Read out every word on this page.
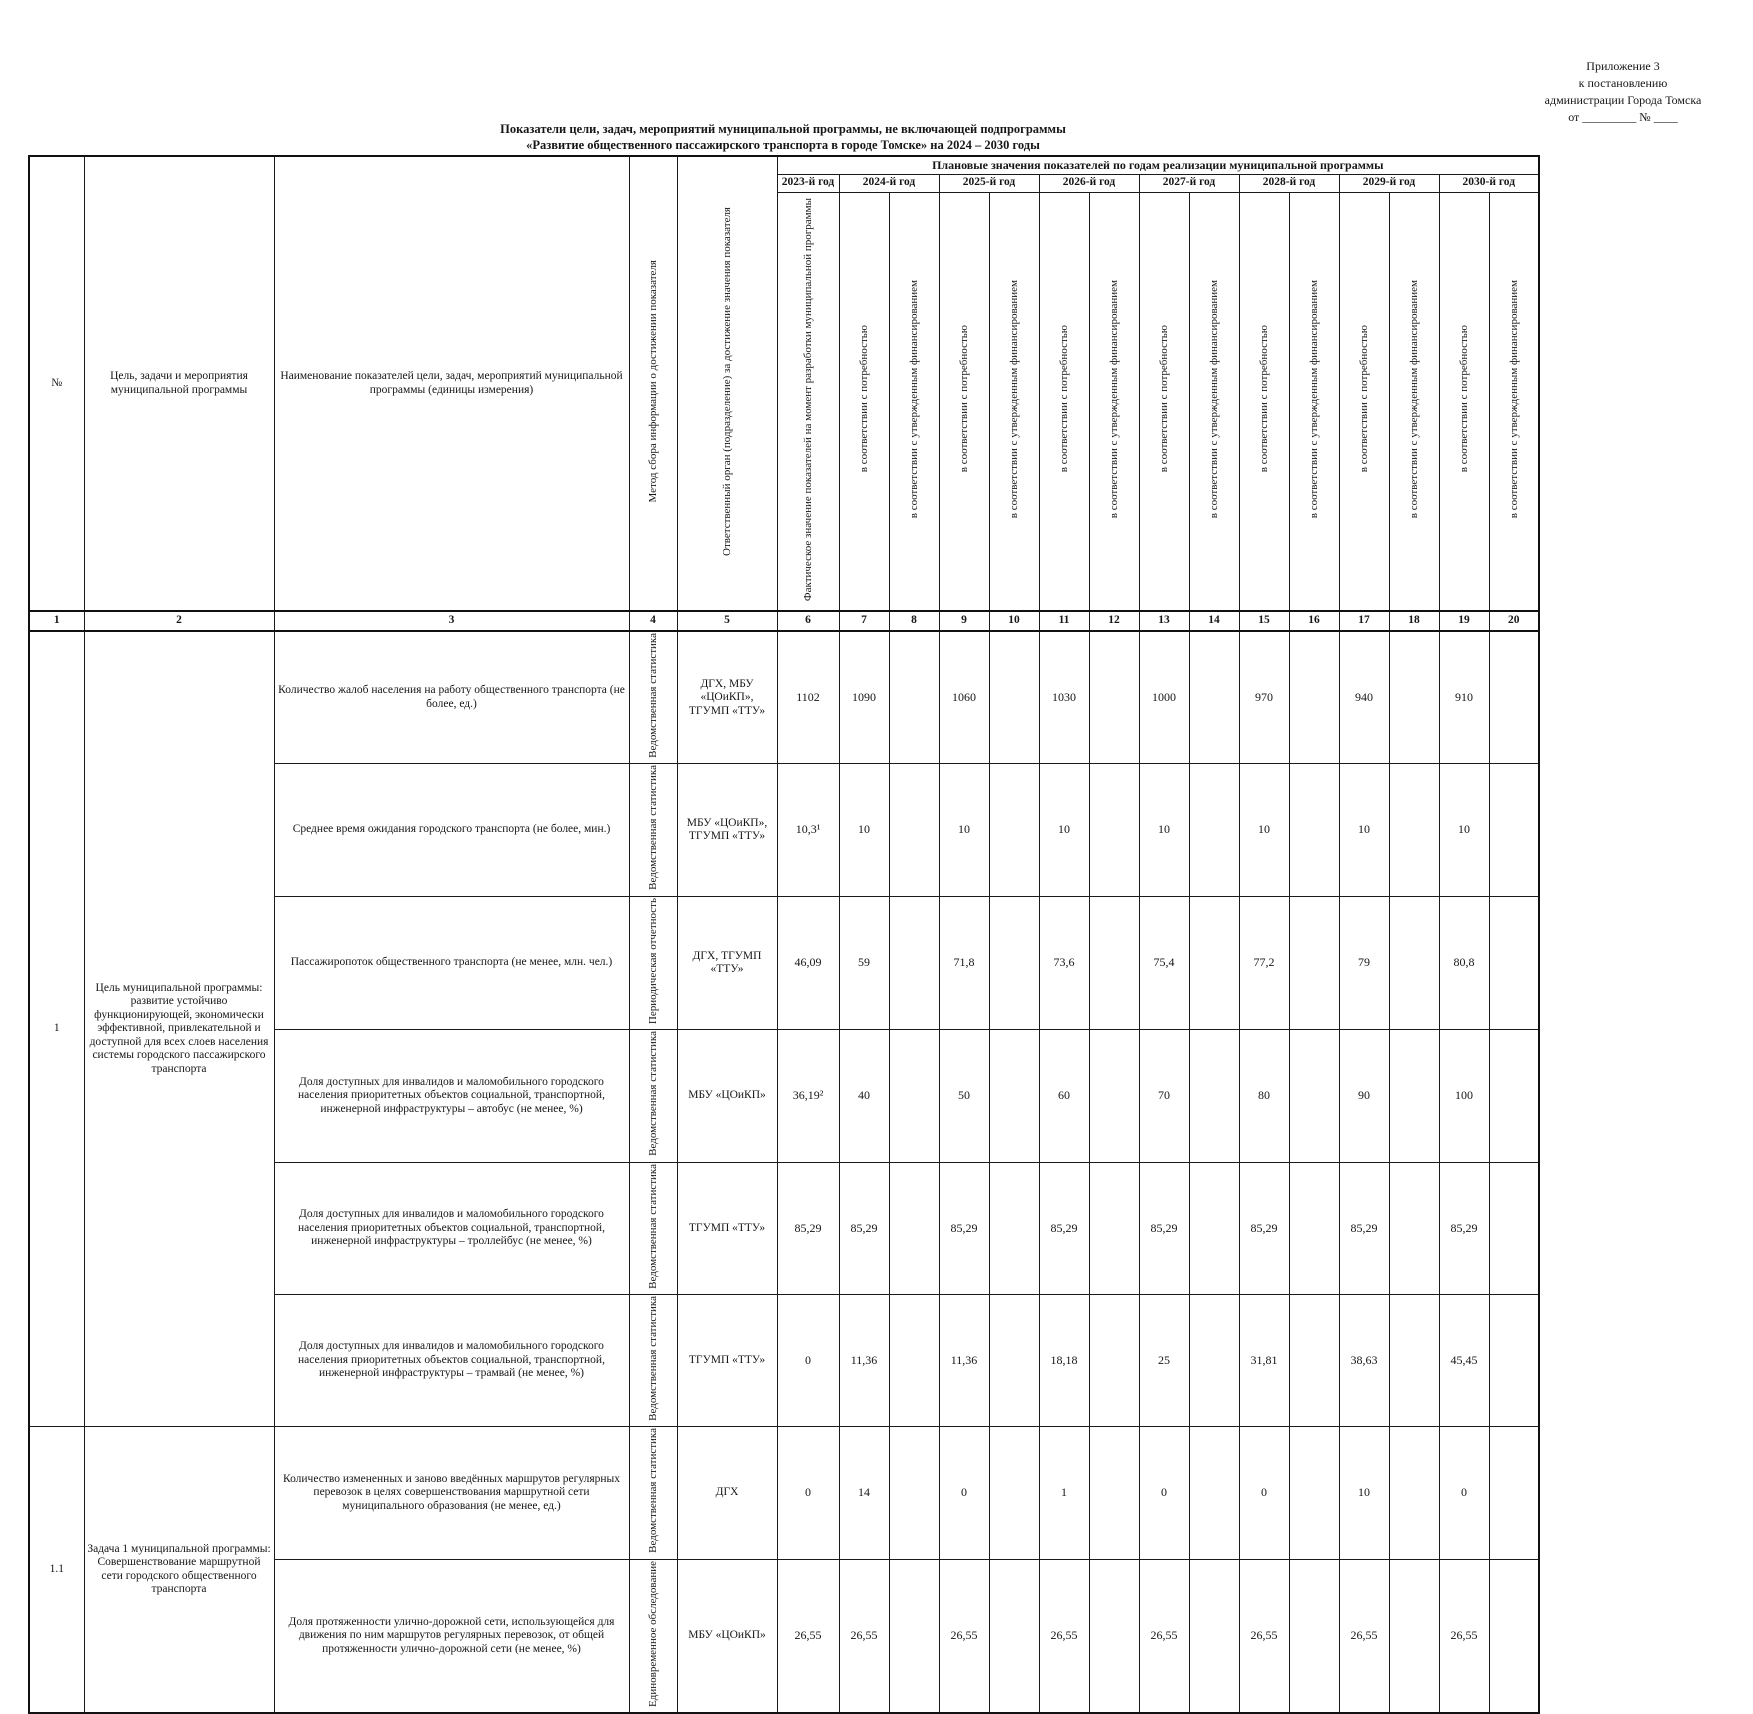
Приложение 3
к постановлению
администрации Города Томска
от _________ № ____
Показатели цели, задач, мероприятий муниципальной программы, не включающей подпрограммы
«Развитие общественного пассажирского транспорта в городе Томске» на 2024 – 2030 годы
№	Цель, задачи и мероприятия муниципальной программы	Наименование показателей цели, задач, мероприятий муниципальной программы (единицы измерения)	Метод сбора информации о достижении показателя	Ответственный орган (подразделение) за достижение значения показателя	Плановые значения показателей по годам реализации муниципальной программы														
					2023-й год	2024-й год		2025-й год		2026-й год		2027-й год		2028-й год		2029-й год		2030-й год	
					Фактическое значение показателей на момент разработки муниципальной программы	в соответствии с потребностью	в соответствии с утвержденным финансированием	в соответствии с потребностью	в соответствии с утвержденным финансированием	в соответствии с потребностью	в соответствии с утвержденным финансированием	в соответствии с потребностью	в соответствии с утвержденным финансированием	в соответствии с потребностью	в соответствии с утвержденным финансированием	в соответствии с потребностью	в соответствии с утвержденным финансированием	в соответствии с потребностью	в соответствии с утвержденным финансированием
1	2	3	4	5	6	7	8	9	10	11	12	13	14	15	16	17	18	19	20
1	Цель муниципальной программы: развитие устойчиво функционирующей, экономически эффективной, привлекательной и доступной для всех слоев населения системы городского пассажирского транспорта	Количество жалоб населения на работу общественного транспорта (не более, ед.)	Ведомственная статистика	ДГХ, МБУ «ЦОиКП», ТГУМП «ТТУ»	1102	1090		1060		1030		1000		970		940		910	
		Среднее время ожидания городского транспорта (не более, мин.)	Ведомственная статистика	МБУ «ЦОиКП», ТГУМП «ТТУ»	10,3¹	10		10		10		10		10		10		10	
		Пассажиропоток общественного транспорта (не менее, млн. чел.)	Периодическая отчетность	ДГХ, ТГУМП «ТТУ»	46,09	59		71,8		73,6		75,4		77,2		79		80,8	
		Доля доступных для инвалидов и маломобильного городского населения приоритетных объектов социальной, транспортной, инженерной инфраструктуры – автобус (не менее, %)	Ведомственная статистика	МБУ «ЦОиКП»	36,19²	40		50		60		70		80		90		100	
		Доля доступных для инвалидов и маломобильного городского населения приоритетных объектов социальной, транспортной, инженерной инфраструктуры – троллейбус (не менее, %)	Ведомственная статистика	ТГУМП «ТТУ»	85,29	85,29		85,29		85,29		85,29		85,29		85,29		85,29	
		Доля доступных для инвалидов и маломобильного городского населения приоритетных объектов социальной, транспортной, инженерной инфраструктуры – трамвай (не менее, %)	Ведомственная статистика	ТГУМП «ТТУ»	0	11,36		11,36		18,18		25		31,81		38,63		45,45	
1.1	Задача 1 муниципальной программы: Совершенствование маршрутной сети городского общественного транспорта	Количество измененных и заново введённых маршрутов регулярных перевозок в целях совершенствования маршрутной сети муниципального образования (не менее, ед.)	Ведомственная статистика	ДГХ	0	14		0		1		0		0		10		0	
		Доля протяженности улично-дорожной сети, использующейся для движения по ним маршрутов регулярных перевозок, от общей протяженности улично-дорожной сети (не менее, %)	Единовременное обследование	МБУ «ЦОиКП»	26,55	26,55		26,55		26,55		26,55		26,55		26,55		26,55	
